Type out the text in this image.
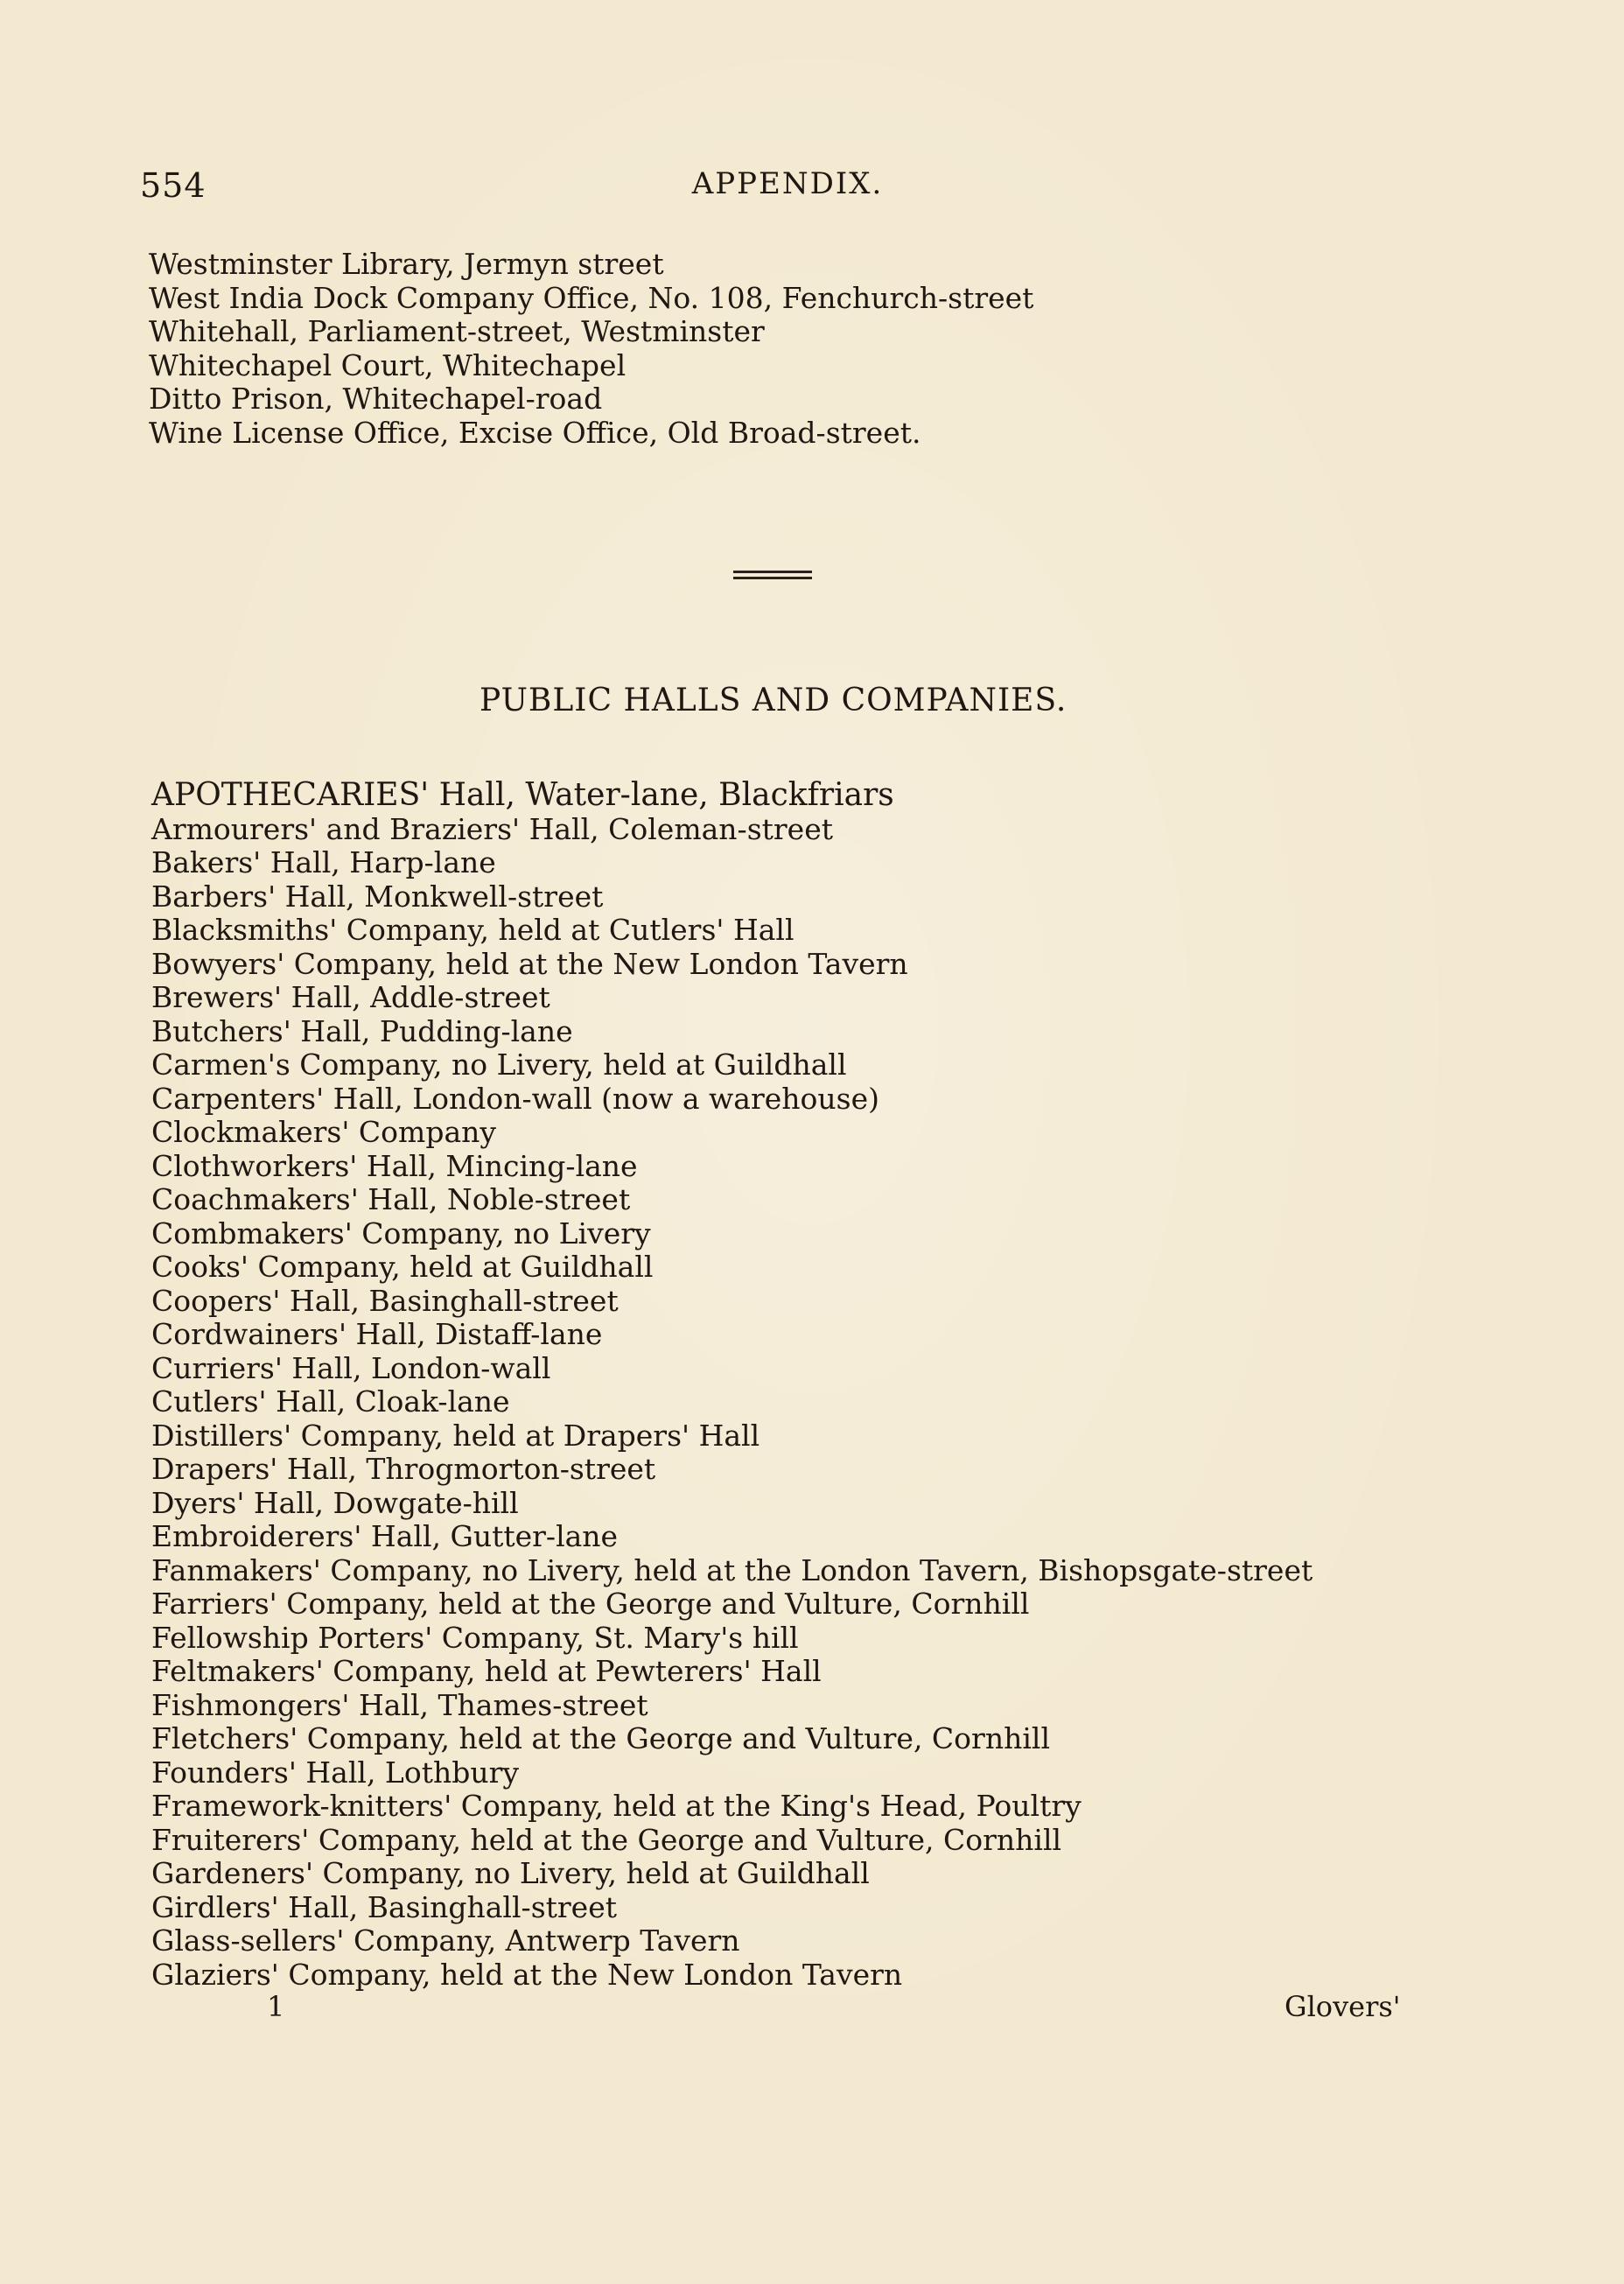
554	APPENDIX.
Westminster Library, Jermyn street
West India Dock Company Office, No. 108, Fenchurch-street
Whitehall, Parliament-street, Westminster
Whitechapel Court, Whitechapel
Ditto Prison, Whitechapel-road
Wine License Office, Excise Office, Old Broad-street.
PUBLIC HALLS AND COMPANIES.
APOTHECARIES' Hall, Water-lane, Blackfriars
Armourers' and Braziers' Hall, Coleman-street
Bakers' Hall, Harp-lane
Barbers' Hall, Monkwell-street
Blacksmiths' Company, held at Cutlers' Hall
Bowyers' Company, held at the New London Tavern
Brewers' Hall, Addle-street
Butchers' Hall, Pudding-lane
Carmen's Company, no Livery, held at Guildhall
Carpenters' Hall, London-wall (now a warehouse)
Clockmakers' Company
Clothworkers' Hall, Mincing-lane
Coachmakers' Hall, Noble-street
Combmakers' Company, no Livery
Cooks' Company, held at Guildhall
Coopers' Hall, Basinghall-street
Cordwainers' Hall, Distaff-lane
Curriers' Hall, London-wall
Cutlers' Hall, Cloak-lane
Distillers' Company, held at Drapers' Hall
Drapers' Hall, Throgmorton-street
Dyers' Hall, Dowgate-hill
Embroiderers' Hall, Gutter-lane
Fanmakers' Company, no Livery, held at the London Tavern, Bishopsgate-street
Farriers' Company, held at the George and Vulture, Cornhill
Fellowship Porters' Company, St. Mary's hill
Feltmakers' Company, held at Pewterers' Hall
Fishmongers' Hall, Thames-street
Fletchers' Company, held at the George and Vulture, Cornhill
Founders' Hall, Lothbury
Framework-knitters' Company, held at the King's Head, Poultry
Fruiterers' Company, held at the George and Vulture, Cornhill
Gardeners' Company, no Livery, held at Guildhall
Girdlers' Hall, Basinghall-street
Glass-sellers' Company, Antwerp Tavern
Glaziers' Company, held at the New London Tavern
1	Glovers'
